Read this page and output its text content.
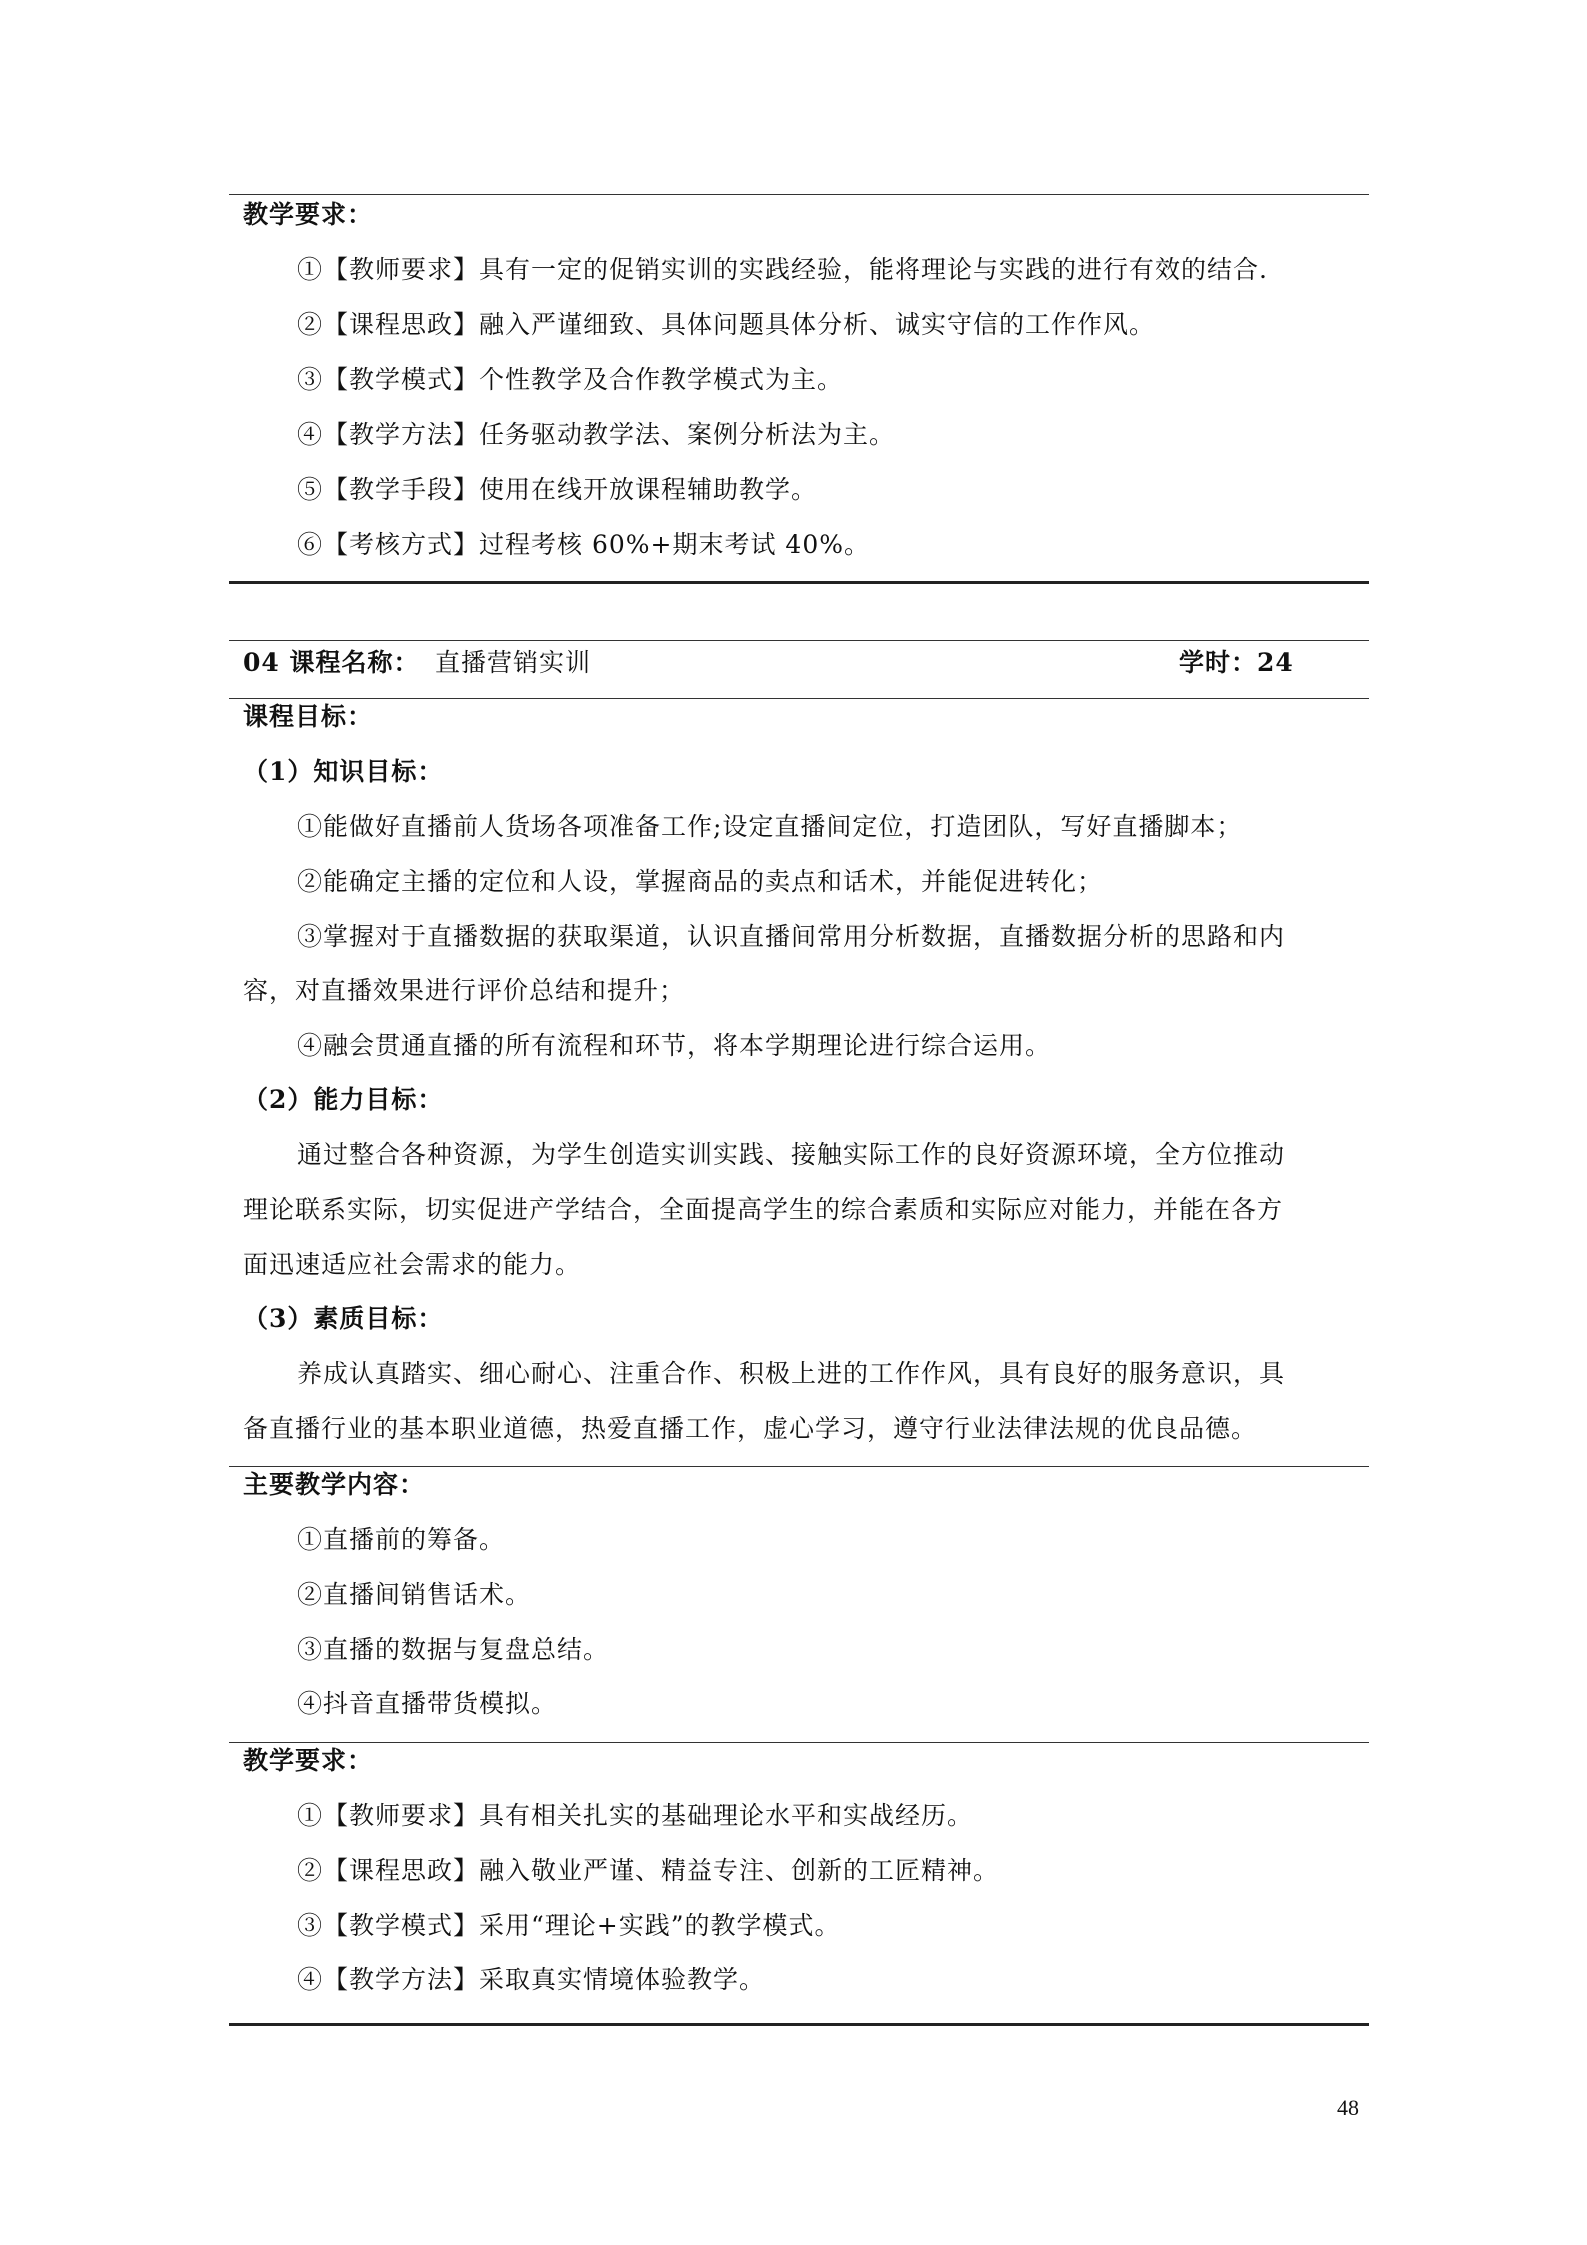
教学要求：
①【教师要求】具有一定的促销实训的实践经验，能将理论与实践的进行有效的结合.
②【课程思政】融入严谨细致、具体问题具体分析、诚实守信的工作作风。
③【教学模式】个性教学及合作教学模式为主。
④【教学方法】任务驱动教学法、案例分析法为主。
⑤【教学手段】使用在线开放课程辅助教学。
⑥【考核方式】过程考核 60%+期末考试 40%。
04 课程名称： 直播营销实训	学时：24
课程目标：
（1）知识目标：
①能做好直播前人货场各项准备工作;设定直播间定位，打造团队，写好直播脚本；
②能确定主播的定位和人设，掌握商品的卖点和话术，并能促进转化；
③掌握对于直播数据的获取渠道，认识直播间常用分析数据，直播数据分析的思路和内
容，对直播效果进行评价总结和提升；
④融会贯通直播的所有流程和环节，将本学期理论进行综合运用。
（2）能力目标：
通过整合各种资源，为学生创造实训实践、接触实际工作的良好资源环境，全方位推动
理论联系实际，切实促进产学结合，全面提高学生的综合素质和实际应对能力，并能在各方
面迅速适应社会需求的能力。
（3）素质目标：
养成认真踏实、细心耐心、注重合作、积极上进的工作作风，具有良好的服务意识，具
备直播行业的基本职业道德，热爱直播工作，虚心学习，遵守行业法律法规的优良品德。
主要教学内容：
①直播前的筹备。
②直播间销售话术。
③直播的数据与复盘总结。
④抖音直播带货模拟。
教学要求：
①【教师要求】具有相关扎实的基础理论水平和实战经历。
②【课程思政】融入敬业严谨、精益专注、创新的工匠精神。
③【教学模式】采用“理论+实践”的教学模式。
④【教学方法】采取真实情境体验教学。
48
